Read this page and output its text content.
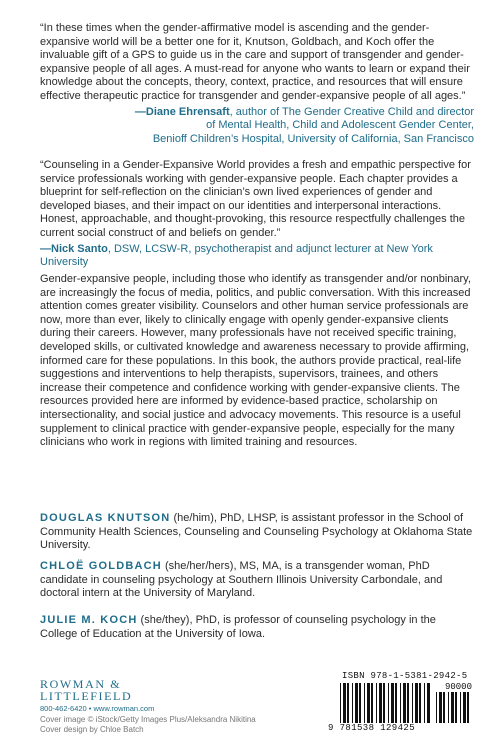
“In these times when the gender-affirmative model is ascending and the gender-expansive world will be a better one for it, Knutson, Goldbach, and Koch offer the invaluable gift of a GPS to guide us in the care and support of transgender and gender-expansive people of all ages. A must-read for anyone who wants to learn or expand their knowledge about the concepts, theory, context, practice, and resources that will ensure effective therapeutic practice for transgender and gender-expansive people of all ages.”

—Diane Ehrensaft, author of The Gender Creative Child and director
of Mental Health, Child and Adolescent Gender Center,
Benioff Children’s Hospital, University of California, San Francisco

“Counseling in a Gender-Expansive World provides a fresh and empathic perspective for service professionals working with gender-expansive people. Each chapter provides a blueprint for self-reflection on the clinician’s own lived experiences of gender and developed biases, and their impact on our identities and interpersonal interactions. Honest, approachable, and thought-provoking, this resource respectfully challenges the current social construct of and beliefs on gender.”

—Nick Santo, DSW, LCSW-R, psychotherapist and adjunct lecturer at New York University

Gender-expansive people, including those who identify as transgender and/or nonbinary, are increasingly the focus of media, politics, and public conversation. With this increased attention comes greater visibility. Counselors and other human service professionals are now, more than ever, likely to clinically engage with openly gender-expansive clients during their careers. However, many professionals have not received specific training, developed skills, or cultivated knowledge and awareness necessary to provide affirming, informed care for these populations. In this book, the authors provide practical, real-life suggestions and interventions to help therapists, supervisors, trainees, and others increase their competence and confidence working with gender-expansive clients. The resources provided here are informed by evidence-based practice, scholarship on intersectionality, and social justice and advocacy movements. This resource is a useful supplement to clinical practice with gender-expansive people, especially for the many clinicians who work in regions with limited training and resources.

DOUGLAS KNUTSON (he/him), PhD, LHSP, is assistant professor in the School of Community Health Sciences, Counseling and Counseling Psychology at Oklahoma State University.
CHLOË GOLDBACH (she/her/hers), MS, MA, is a transgender woman, PhD candidate in counseling psychology at Southern Illinois University Carbondale, and doctoral intern at the University of Maryland.
JULIE M. KOCH (she/they), PhD, is professor of counseling psychology in the College of Education at the University of Iowa.
ROWMAN &
LITTLEFIELD
800-462-6420 • www.rowman.com
Cover image © iStock/Getty Images Plus/Aleksandra Nikitina
Cover design by Chloe Batch
ISBN 978-1-5381-2942-5
90000
9 781538 129425
